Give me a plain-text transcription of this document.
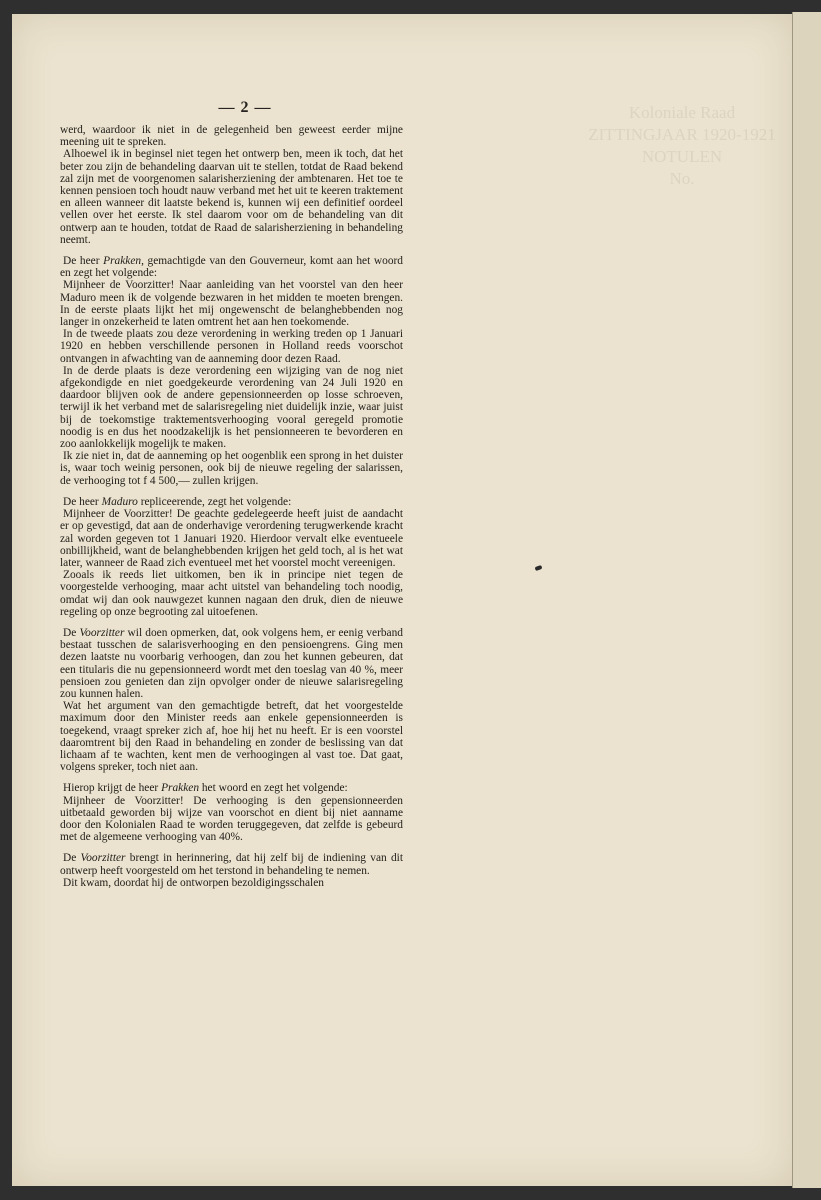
Koloniale Raad
ZITTINGJAAR 1920-1921
NOTULEN
No.
— 2 —

werd, waardoor ik niet in de gelegenheid ben geweest eerder mijne meening uit te spreken.

Alhoewel ik in beginsel niet tegen het ontwerp ben, meen ik toch, dat het beter zou zijn de behandeling daarvan uit te stellen, totdat de Raad bekend zal zijn met de voorgenomen salarisherziening der ambtenaren. Het toe te kennen pensioen toch houdt nauw verband met het uit te keeren traktement en alleen wanneer dit laatste bekend is, kunnen wij een definitief oordeel vellen over het eerste. Ik stel daarom voor om de behandeling van dit ontwerp aan te houden, totdat de Raad de salarisherziening in behandeling neemt.

De heer Prakken, gemachtigde van den Gouverneur, komt aan het woord en zegt het volgende:

Mijnheer de Voorzitter! Naar aanleiding van het voorstel van den heer Maduro meen ik de volgende bezwaren in het midden te moeten brengen. In de eerste plaats lijkt het mij ongewenscht de belanghebbenden nog langer in onzekerheid te laten omtrent het aan hen toekomende.

In de tweede plaats zou deze verordening in werking treden op 1 Januari 1920 en hebben verschillende personen in Holland reeds voorschot ontvangen in afwachting van de aanneming door dezen Raad.

In de derde plaats is deze verordening een wijziging van de nog niet afgekondigde en niet goedgekeurde verordening van 24 Juli 1920 en daardoor blijven ook de andere gepensionneerden op losse schroeven, terwijl ik het verband met de salarisregeling niet duidelijk inzie, waar juist bij de toekomstige traktementsverhooging vooral geregeld promotie noodig is en dus het noodzakelijk is het pensionneeren te bevorderen en zoo aanlokkelijk mogelijk te maken.

Ik zie niet in, dat de aanneming op het oogenblik een sprong in het duister is, waar toch weinig personen, ook bij de nieuwe regeling der salarissen, de verhooging tot f 4 500,— zullen krijgen.

De heer Maduro repliceerende, zegt het volgende:

Mijnheer de Voorzitter! De geachte gedelegeerde heeft juist de aandacht er op gevestigd, dat aan de onderhavige verordening terugwerkende kracht zal worden gegeven tot 1 Januari 1920. Hierdoor vervalt elke eventueele onbillijkheid, want de belanghebbenden krijgen het geld toch, al is het wat later, wanneer de Raad zich eventueel met het voorstel mocht vereenigen.

Zooals ik reeds liet uitkomen, ben ik in principe niet tegen de voorgestelde verhooging, maar acht uitstel van behandeling toch noodig, omdat wij dan ook nauwgezet kunnen nagaan den druk, dien de nieuwe regeling op onze begrooting zal uitoefenen.

De Voorzitter wil doen opmerken, dat, ook volgens hem, er eenig verband bestaat tusschen de salarisverhooging en den pensioengrens. Ging men dezen laatste nu voorbarig verhoogen, dan zou het kunnen gebeuren, dat een titularis die nu gepensionneerd wordt met den toeslag van 40 %, meer pensioen zou genieten dan zijn opvolger onder de nieuwe salarisregeling zou kunnen halen.

Wat het argument van den gemachtigde betreft, dat het voorgestelde maximum door den Minister reeds aan enkele gepensionneerden is toegekend, vraagt spreker zich af, hoe hij het nu heeft. Er is een voorstel daaromtrent bij den Raad in behandeling en zonder de beslissing van dat lichaam af te wachten, kent men de verhoogingen al vast toe. Dat gaat, volgens spreker, toch niet aan.

Hierop krijgt de heer Prakken het woord en zegt het volgende:

Mijnheer de Voorzitter! De verhooging is den gepensionneerden uitbetaald geworden bij wijze van voorschot en dient bij niet aanname door den Kolonialen Raad te worden teruggegeven, dat zelfde is gebeurd met de algemeene verhooging van 40%.

De Voorzitter brengt in herinnering, dat hij zelf bij de indiening van dit ontwerp heeft voorgesteld om het terstond in behandeling te nemen.

Dit kwam, doordat hij de ontworpen bezoldigingsschalen
